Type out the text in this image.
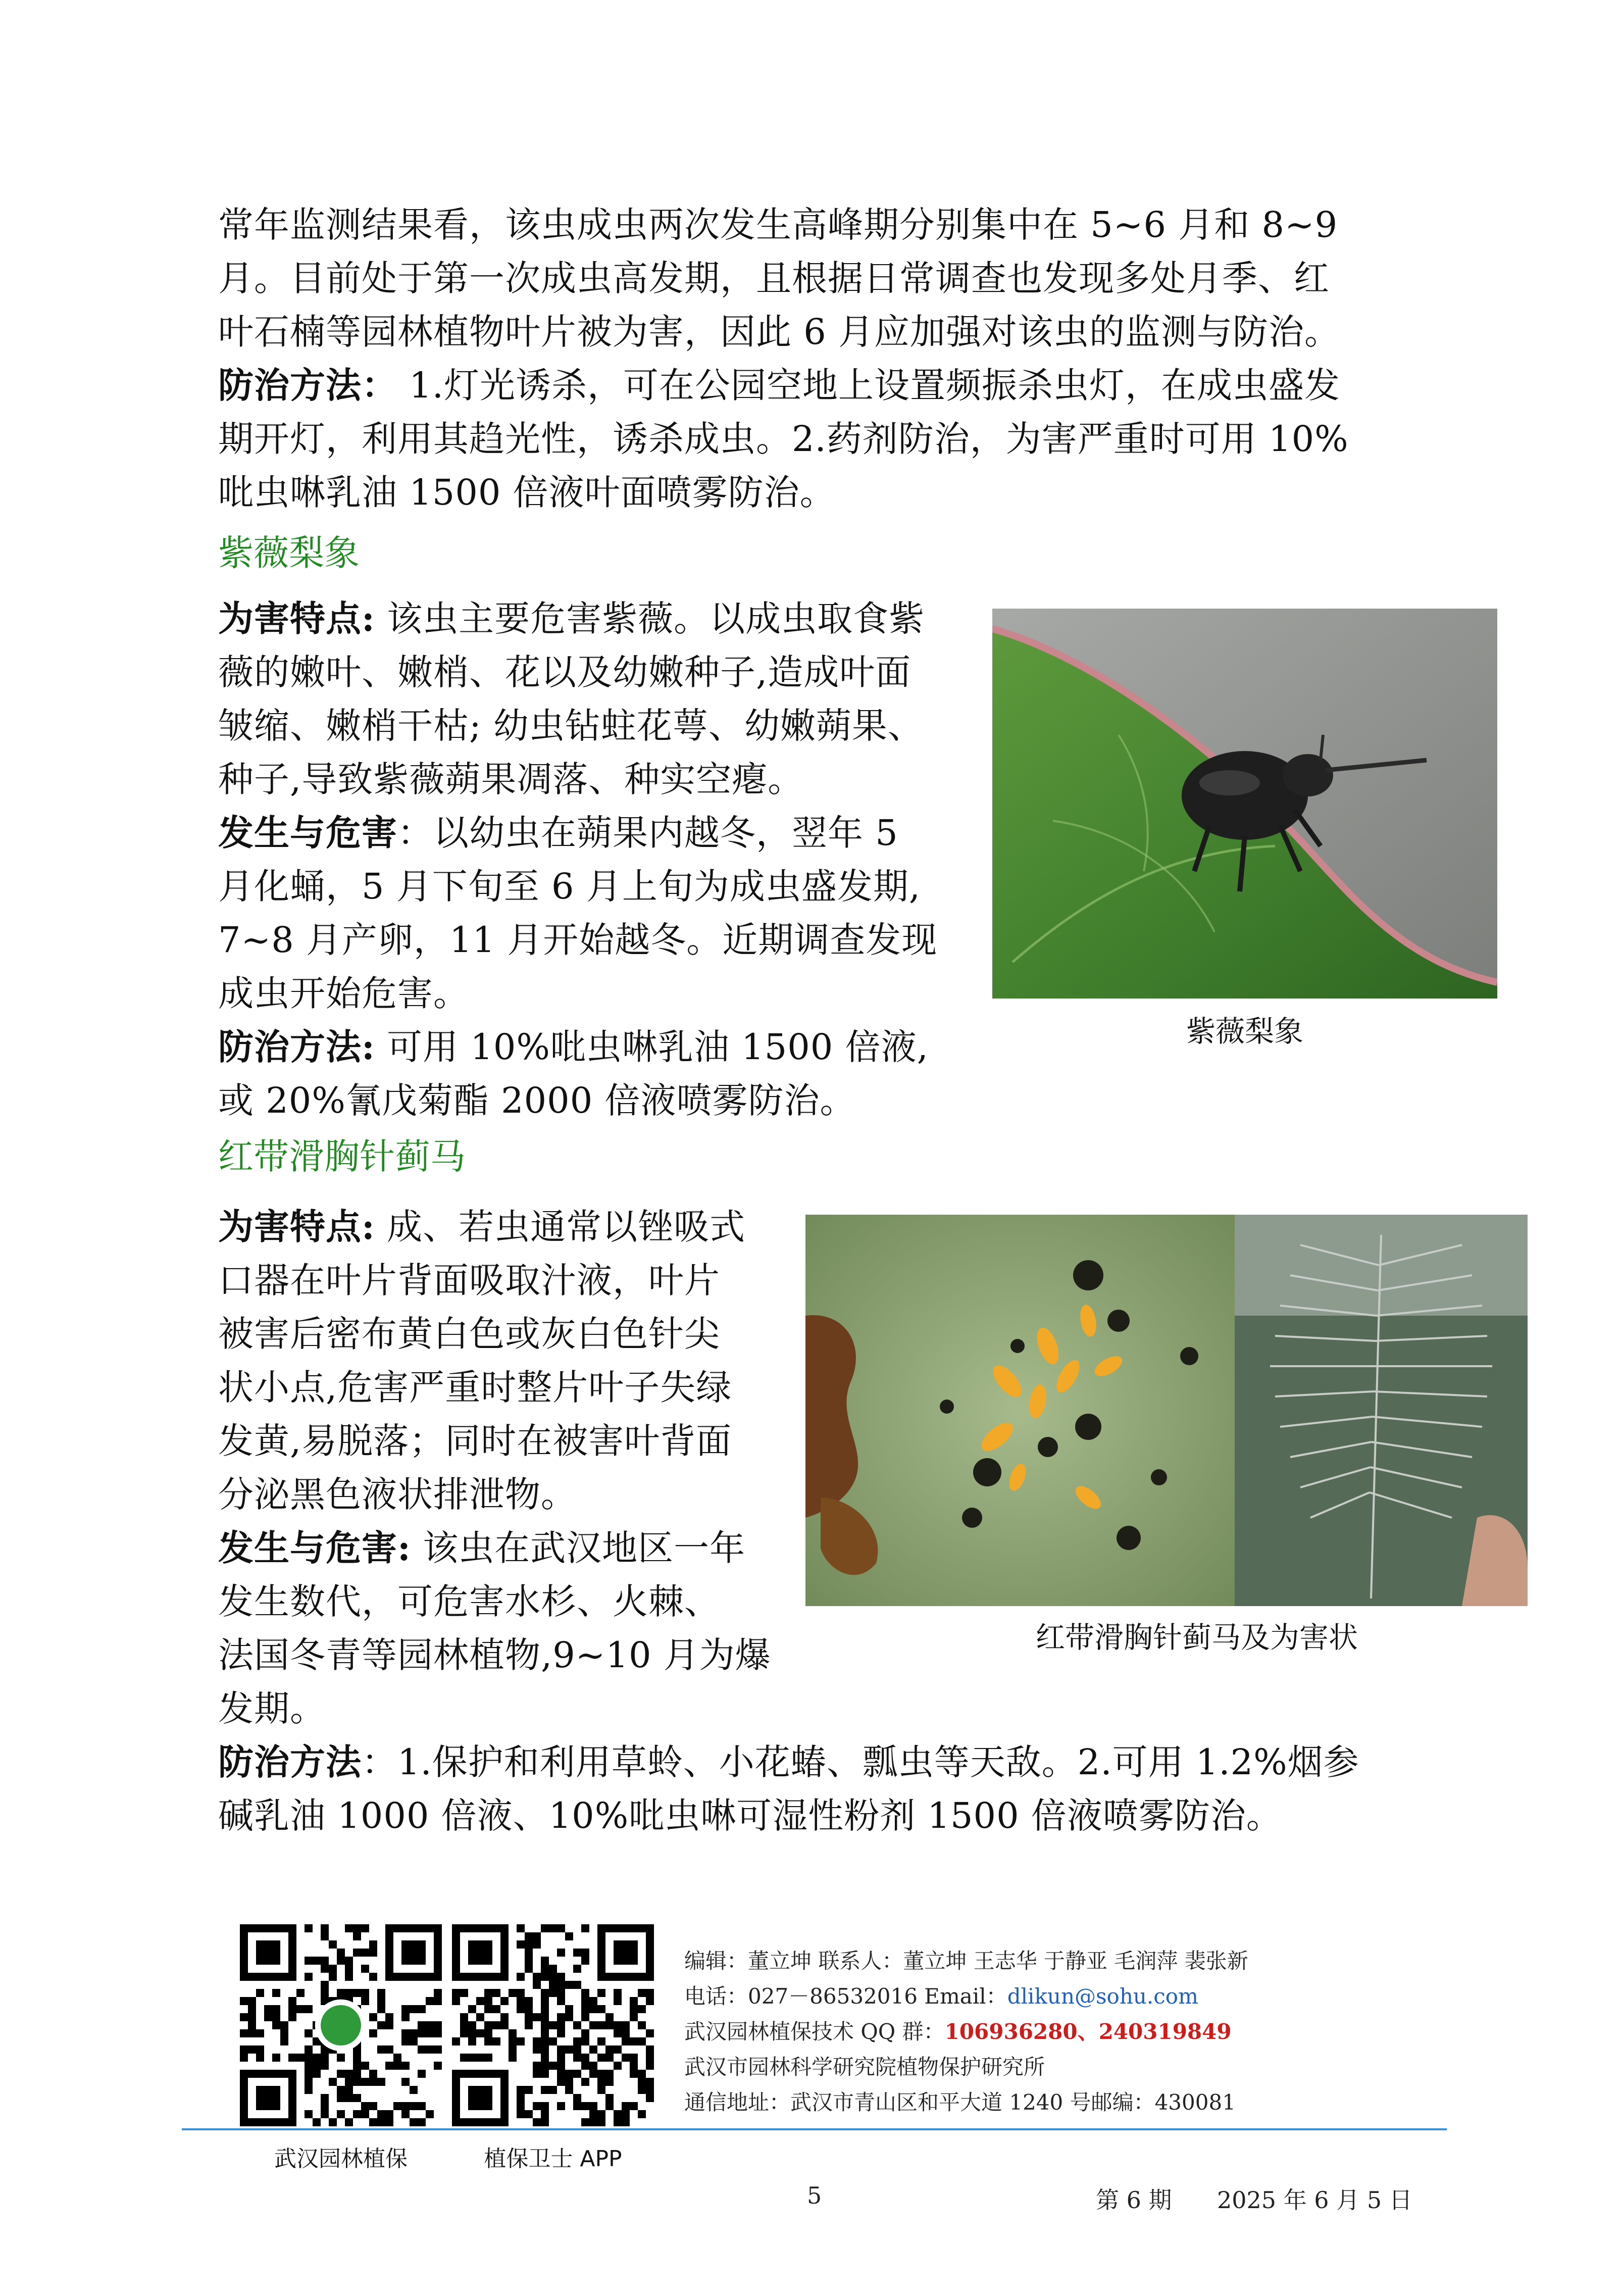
常年监测结果看，该虫成虫两次发生高峰期分别集中在 5~6 月和 8~9

月。目前处于第一次成虫高发期，且根据日常调查也发现多处月季、红

叶石楠等园林植物叶片被为害，因此 6 月应加强对该虫的监测与防治。

防治方法： 1.灯光诱杀，可在公园空地上设置频振杀虫灯，在成虫盛发

期开灯，利用其趋光性，诱杀成虫。2.药剂防治，为害严重时可用 10%

吡虫啉乳油 1500 倍液叶面喷雾防治。

紫薇梨象

为害特点: 该虫主要危害紫薇。以成虫取食紫

薇的嫩叶、嫩梢、花以及幼嫩种子,造成叶面

皱缩、嫩梢干枯; 幼虫钻蛀花萼、幼嫩蒴果、

种子,导致紫薇蒴果凋落、种实空瘪。

发生与危害：以幼虫在蒴果内越冬，翌年 5

月化蛹，5 月下旬至 6 月上旬为成虫盛发期,

7~8 月产卵，11 月开始越冬。近期调查发现

成虫开始危害。

防治方法: 可用 10%吡虫啉乳油 1500 倍液,

或 20%氰戊菊酯 2000 倍液喷雾防治。

紫薇梨象
红带滑胸针蓟马

为害特点: 成、若虫通常以锉吸式

口器在叶片背面吸取汁液，叶片

被害后密布黄白色或灰白色针尖

状小点,危害严重时整片叶子失绿

发黄,易脱落；同时在被害叶背面

分泌黑色液状排泄物。

发生与危害: 该虫在武汉地区一年

发生数代，可危害水杉、火棘、

法国冬青等园林植物,9~10 月为爆

发期。

防治方法：1.保护和利用草蛉、小花蝽、瓢虫等天敌。2.可用 1.2%烟参

碱乳油 1000 倍液、10%吡虫啉可湿性粉剂 1500 倍液喷雾防治。

红带滑胸针蓟马及为害状
武汉园林植保	植保卫士 APP
编辑：董立坤 联系人：董立坤 王志华 于静亚 毛润萍 裴张新
电话：027－86532016 Email：dlikun@sohu.com
武汉园林植保技术 QQ 群：106936280、240319849
武汉市园林科学研究院植物保护研究所
通信地址：武汉市青山区和平大道 1240 号邮编：430081
5	第 6 期 2025 年 6 月 5 日
